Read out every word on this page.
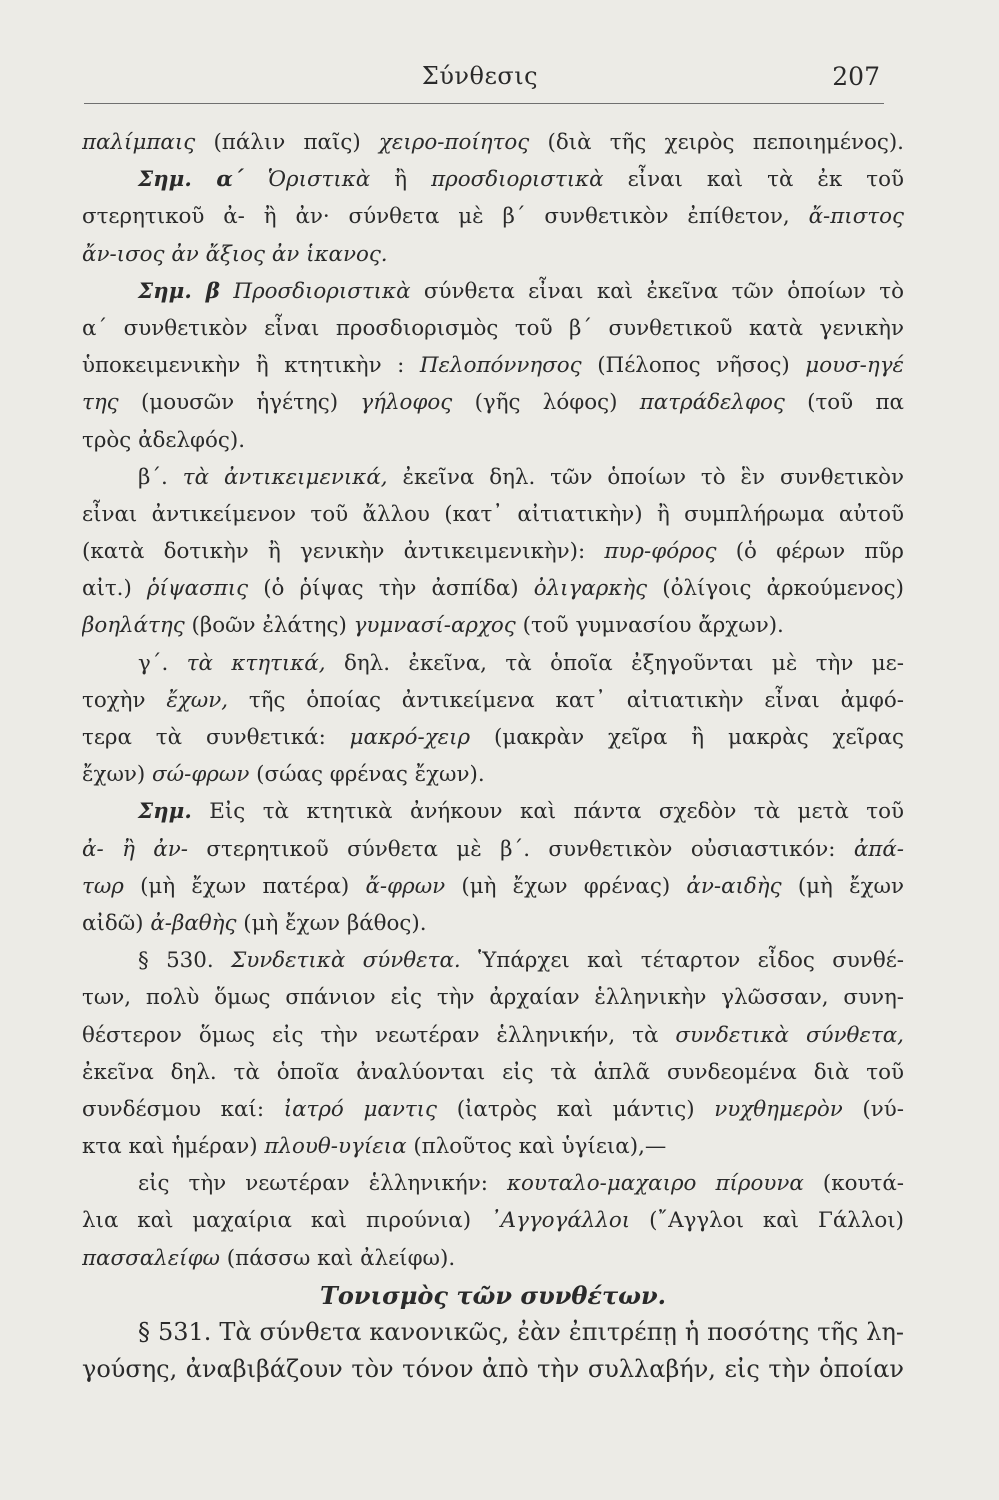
Σύνθεσις	207
παλίμπαις (πάλιν παῖς) χειρο-ποίητος (διὰ τῆς χειρὸς πεποιημένος).
Σημ. α΄ Ὁριστικὰ ἢ προσδιοριστικὰ εἶναι καὶ τὰ ἐκ τοῦ
στερητικοῦ ἀ- ἢ ἀν· σύνθετα μὲ β΄ συνθετικὸν ἐπίθετον, ἄ-πιστος
ἄν-ισος ἀν ἄξιος ἀν ἱκανος.
Σημ. β Προσδιοριστικὰ σύνθετα εἶναι καὶ ἐκεῖνα τῶν ὁποίων τὸ
α΄ συνθετικὸν εἶναι προσδιορισμὸς τοῦ β΄ συνθετικοῦ κατὰ γενικὴν
ὑποκειμενικὴν ἢ κτητικὴν : Πελοπόννησος (Πέλοπος νῆσος) μουσ-ηγέ
της (μουσῶν ἡγέτης) γήλοφος (γῆς λόφος) πατράδελφος (τοῦ πα
τρὸς ἀδελφός).
β΄. τὰ ἀντικειμενικά, ἐκεῖνα δηλ. τῶν ὁποίων τὸ ἓν συνθετικὸν
εἶναι ἀντικείμενον τοῦ ἄλλου (κατ᾽ αἰτιατικὴν) ἢ συμπλήρωμα αὐτοῦ
(κατὰ δοτικὴν ἢ γενικὴν ἀντικειμενικὴν): πυρ-φόρος (ὁ φέρων πῦρ
αἰτ.) ῥίψασπις (ὁ ῥίψας τὴν ἀσπίδα) ὀλιγαρκὴς (ὀλίγοις ἀρκούμενος)
βοηλάτης (βοῶν ἐλάτης) γυμνασί-αρχος (τοῦ γυμνασίου ἄρχων).
γ΄. τὰ κτητικά, δηλ. ἐκεῖνα, τὰ ὁποῖα ἐξηγοῦνται μὲ τὴν με-
τοχὴν ἔχων, τῆς ὁποίας ἀντικείμενα κατ᾽ αἰτιατικὴν εἶναι ἀμφό-
τερα τὰ συνθετικά: μακρό-χειρ (μακρὰν χεῖρα ἢ μακρὰς χεῖρας
ἔχων) σώ-φρων (σώας φρένας ἔχων).
Σημ. Εἰς τὰ κτητικὰ ἀνήκουν καὶ πάντα σχεδὸν τὰ μετὰ τοῦ
ἀ- ἢ ἀν- στερητικοῦ σύνθετα μὲ β΄. συνθετικὸν οὐσιαστικόν: ἀπά-
τωρ (μὴ ἔχων πατέρα) ἄ-φρων (μὴ ἔχων φρένας) ἀν-αιδὴς (μὴ ἔχων
αἰδῶ) ἀ-βαθὴς (μὴ ἔχων βάθος).
§ 530. Συνδετικὰ σύνθετα. Ὑπάρχει καὶ τέταρτον εἶδος συνθέ-
των, πολὺ ὅμως σπάνιον εἰς τὴν ἀρχαίαν ἑλληνικὴν γλῶσσαν, συνη-
θέστερον ὅμως εἰς τὴν νεωτέραν ἑλληνικήν, τὰ συνδετικὰ σύνθετα,
ἐκεῖνα δηλ. τὰ ὁποῖα ἀναλύονται εἰς τὰ ἁπλᾶ συνδεομένα διὰ τοῦ
συνδέσμου καί: ἰατρό μαντις (ἰατρὸς καὶ μάντις) νυχθημερὸν (νύ-
κτα καὶ ἡμέραν) πλουθ-υγίεια (πλοῦτος καὶ ὑγίεια),—
εἰς τὴν νεωτέραν ἑλληνικήν: κουταλο-μαχαιρο πίρουνα (κουτά-
λια καὶ μαχαίρια καὶ πιρούνια) ᾽Αγγογάλλοι (῎Αγγλοι καὶ Γάλλοι)
πασσαλείφω (πάσσω καὶ ἀλείφω).
Τονισμὸς τῶν συνθέτων.
§ 531. Τὰ σύνθετα κανονικῶς, ἐὰν ἐπιτρέπῃ ἡ ποσότης τῆς λη-
γούσης, ἀναβιβάζουν τὸν τόνον ἀπὸ τὴν συλλαβήν, εἰς τὴν ὁποίαν
